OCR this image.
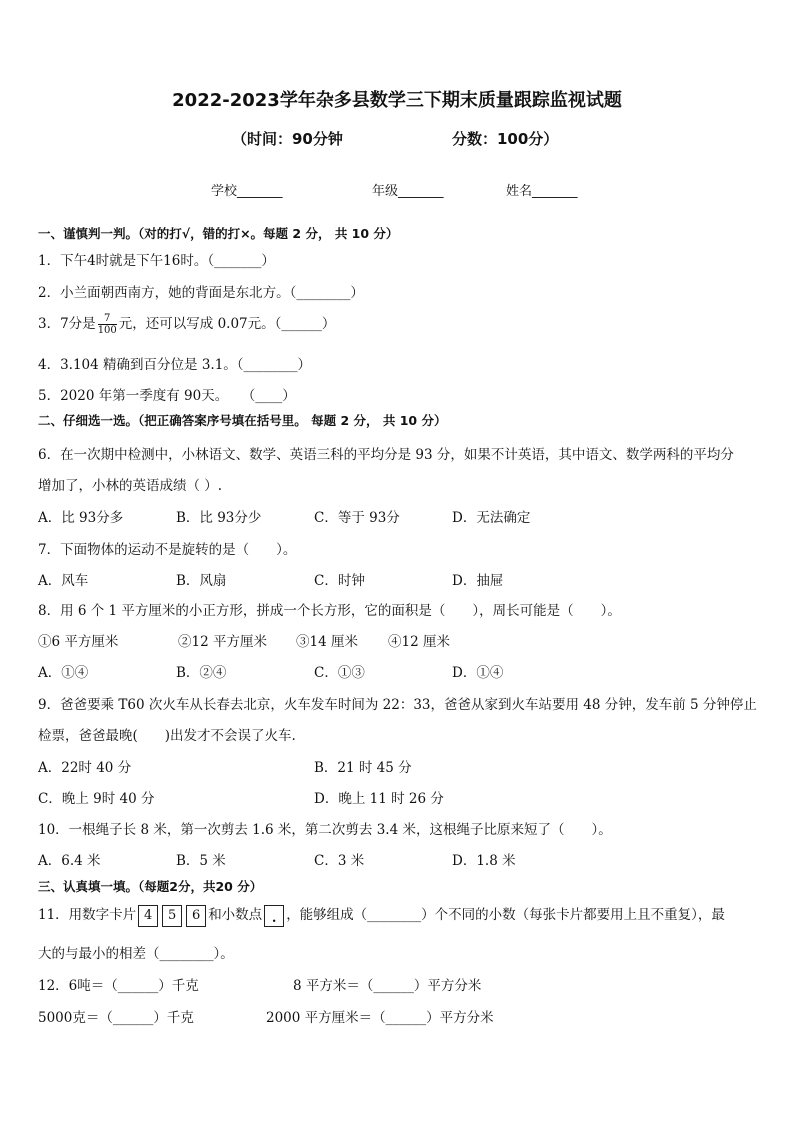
2022-2023学年杂多县数学三下期末质量跟踪监视试题
（时间：90分钟	分数：100分）
学校_______	年级_______	姓名_______
一、谨慎判一判。（对的打√，错的打×。每题 2 分， 共 10 分）
1．下午4时就是下午16时。（_______）
2．小兰面朝西南方，她的背面是东北方。（________）
3．7分是 $\frac{7}{100}$ 元，还可以写成 0.07元。（______）
4．3.104 精确到百分位是 3.1。（________）
5．2020 年第一季度有 90天。　　（____）
二、仔细选一选。（把正确答案序号填在括号里。 每题 2 分， 共 10 分）
6．在一次期中检测中，小林语文、数学、英语三科的平均分是 93 分，如果不计英语，其中语文、数学两科的平均分
增加了，小林的英语成绩（ ）.
A．比 93分多	B．比 93分少	C．等于 93分	D．无法确定
7．下面物体的运动不是旋转的是（　　）。
A．风车	B．风扇	C．时钟	D．抽屉
8．用 6 个 1 平方厘米的小正方形，拼成一个长方形，它的面积是（　　），周长可能是（　　）。
①6 平方厘米	②12 平方厘米 ③14 厘米 ④12 厘米
A．①④	B．②④	C．①③	D．①④
9．爸爸要乘 T60 次火车从长春去北京，火车发车时间为 22：33，爸爸从家到火车站要用 48 分钟，发车前 5 分钟停止
检票，爸爸最晚(　　)出发才不会误了火车.
A．22时 40 分	B．21 时 45 分
C．晚上 9时 40 分	D．晚上 11 时 26 分
10．一根绳子长 8 米，第一次剪去 1.6 米，第二次剪去 3.4 米，这根绳子比原来短了（　　）。
A．6.4 米	B．5 米	C．3 米	D．1.8 米
三、认真填一填。（每题2分，共20 分）
11．用数字卡片 4 5 6 和小数点 . ，能够组成（________）个不同的小数（每张卡片都要用上且不重复），最
大的与最小的相差（________）。
12．6吨＝（______）千克	8 平方米＝（______）平方分米
5000克＝（______）千克	2000 平方厘米＝（______）平方分米
